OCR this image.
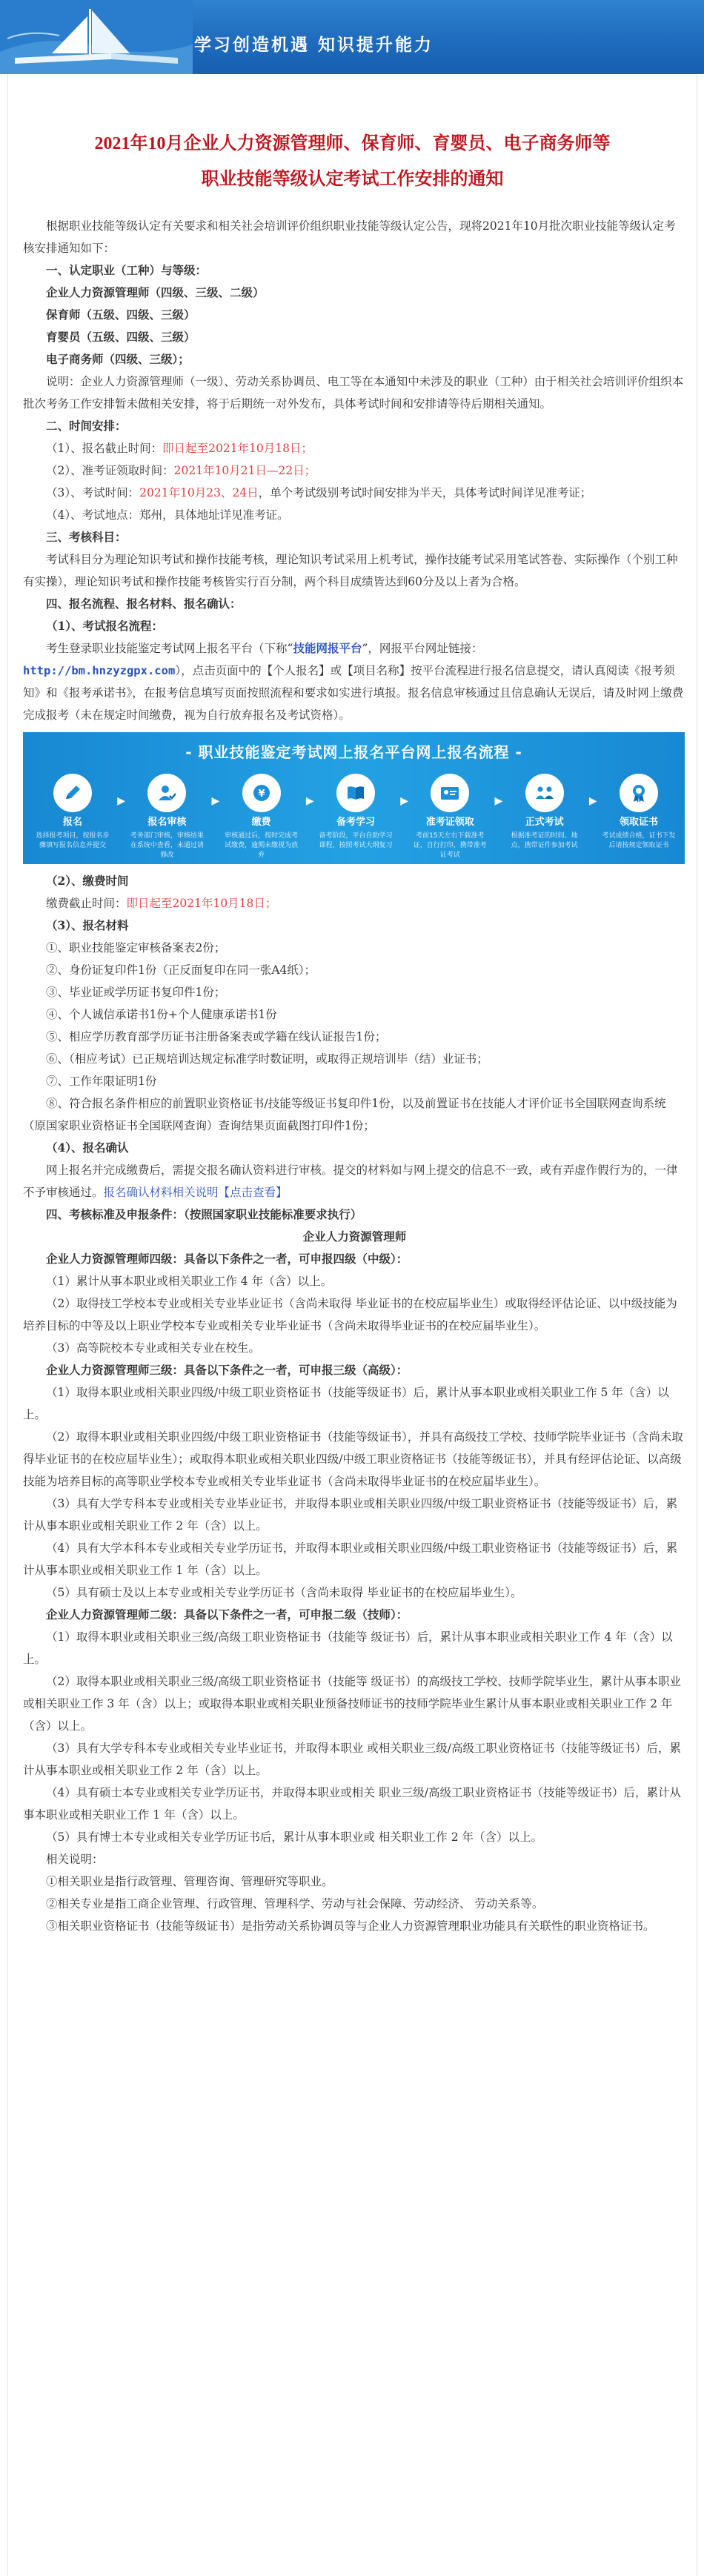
学习创造机遇 知识提升能力
2021年10月企业人力资源管理师、保育师、育婴员、电子商务师等
职业技能等级认定考试工作安排的通知

根据职业技能等级认定有关要求和相关社会培训评价组织职业技能等级认定公告，现将2021年10月批次职业技能等级认定考核安排通知如下：

一、认定职业（工种）与等级：

企业人力资源管理师（四级、三级、二级）

保育师（五级、四级、三级）

育婴员（五级、四级、三级）

电子商务师（四级、三级）；

说明：企业人力资源管理师（一级）、劳动关系协调员、电工等在本通知中未涉及的职业（工种）由于相关社会培训评价组织本批次考务工作安排暂未做相关安排，将于后期统一对外发布，具体考试时间和安排请等待后期相关通知。

二、时间安排：

（1）、报名截止时间：即日起至2021年10月18日；

（2）、准考证领取时间：2021年10月21日—22日；

（3）、考试时间：2021年10月23、24日，单个考试级别考试时间安排为半天，具体考试时间详见准考证；

（4）、考试地点：郑州，具体地址详见准考证。

三、考核科目：

考试科目分为理论知识考试和操作技能考核，理论知识考试采用上机考试，操作技能考试采用笔试答卷、实际操作（个别工种有实操），理论知识考试和操作技能考核皆实行百分制，两个科目成绩皆达到60分及以上者为合格。

四、报名流程、报名材料、报名确认：

（1）、考试报名流程：

考生登录职业技能鉴定考试网上报名平台（下称“技能网报平台”，网报平台网址链接：

http://bm.hnzyzgpx.com），点击页面中的【个人报名】或【项目名称】按平台流程进行报名信息提交，请认真阅读《报考须知》和《报考承诺书》，在报考信息填写页面按照流程和要求如实进行填报。报名信息审核通过且信息确认无误后，请及时网上缴费完成报考（未在规定时间缴费，视为自行放弃报名及考试资格）。

- 职业技能鉴定考试网上报名平台网上报名流程 -
报名
选择报考项目，按报名步骤填写报名信息并提交
▶
报名审核
考务部门审核，审核结果在系统中查看，未通过请修改
▶
¥
缴费
审核通过后，按时完成考试缴费，逾期未缴视为放弃
▶
备考学习
备考阶段，平台自助学习课程，按照考试大纲复习
▶
准考证领取
考前15天左右下载准考证，自行打印，携带准考证考试
▶
正式考试
根据准考证的时间、地点，携带证件参加考试
▶
领取证书
考试成绩合格，证书下发后请按规定领取证书

（2）、缴费时间

缴费截止时间：即日起至2021年10月18日；

（3）、报名材料

①、职业技能鉴定审核备案表2份；

②、身份证复印件1份（正反面复印在同一张A4纸）；

③、毕业证或学历证书复印件1份；

④、个人诚信承诺书1份+个人健康承诺书1份

⑤、相应学历教育部学历证书注册备案表或学籍在线认证报告1份；

⑥、（相应考试）已正规培训达规定标准学时数证明，或取得正规培训毕（结）业证书；

⑦、工作年限证明1份

⑧、符合报名条件相应的前置职业资格证书/技能等级证书复印件1份，以及前置证书在技能人才评价证书全国联网查询系统（原国家职业资格证书全国联网查询）查询结果页面截图打印件1份；

（4）、报名确认

网上报名并完成缴费后，需提交报名确认资料进行审核。提交的材料如与网上提交的信息不一致，或有弄虚作假行为的，一律不予审核通过。报名确认材料相关说明【点击查看】

四、考核标准及申报条件：（按照国家职业技能标准要求执行）

企业人力资源管理师

企业人力资源管理师四级：具备以下条件之一者，可申报四级（中级）：

（1）累计从事本职业或相关职业工作 4 年（含）以上。

（2）取得技工学校本专业或相关专业毕业证书（含尚未取得 毕业证书的在校应届毕业生）或取得经评估论证、以中级技能为培养目标的中等及以上职业学校本专业或相关专业毕业证书（含尚未取得毕业证书的在校应届毕业生）。

（3）高等院校本专业或相关专业在校生。

企业人力资源管理师三级：具备以下条件之一者，可申报三级（高级）：

（1）取得本职业或相关职业四级/中级工职业资格证书（技能等级证书）后，累计从事本职业或相关职业工作 5 年（含）以上。

（2）取得本职业或相关职业四级/中级工职业资格证书（技能等级证书），并具有高级技工学校、技师学院毕业证书（含尚未取得毕业证书的在校应届毕业生）；或取得本职业或相关职业四级/中级工职业资格证书（技能等级证书），并具有经评估论证、以高级技能为培养目标的高等职业学校本专业或相关专业毕业证书（含尚未取得毕业证书的在校应届毕业生）。

（3）具有大学专科本专业或相关专业毕业证书，并取得本职业或相关职业四级/中级工职业资格证书（技能等级证书）后，累计从事本职业或相关职业工作 2 年（含）以上。

（4）具有大学本科本专业或相关专业学历证书，并取得本职业或相关职业四级/中级工职业资格证书（技能等级证书）后，累计从事本职业或相关职业工作 1 年（含）以上。

（5）具有硕士及以上本专业或相关专业学历证书（含尚未取得 毕业证书的在校应届毕业生）。

企业人力资源管理师二级：具备以下条件之一者，可申报二级（技师）：

（1）取得本职业或相关职业三级/高级工职业资格证书（技能等 级证书）后，累计从事本职业或相关职业工作 4 年（含）以上。

（2）取得本职业或相关职业三级/高级工职业资格证书（技能等 级证书）的高级技工学校、技师学院毕业生，累计从事本职业或相关职业工作 3 年（含）以上；或取得本职业或相关职业预备技师证书的技师学院毕业生累计从事本职业或相关职业工作 2 年（含）以上。

（3）具有大学专科本专业或相关专业毕业证书，并取得本职业 或相关职业三级/高级工职业资格证书（技能等级证书）后，累计从事本职业或相关职业工作 2 年（含）以上。

（4）具有硕士本专业或相关专业学历证书，并取得本职业或相关 职业三级/高级工职业资格证书（技能等级证书）后，累计从事本职业或相关职业工作 1 年（含）以上。

（5）具有博士本专业或相关专业学历证书后，累计从事本职业或 相关职业工作 2 年（含）以上。

相关说明：

①相关职业是指行政管理、管理咨询、管理研究等职业。

②相关专业是指工商企业管理、行政管理、管理科学、劳动与社会保障、劳动经济、 劳动关系等。

③相关职业资格证书（技能等级证书）是指劳动关系协调员等与企业人力资源管理职业功能具有关联性的职业资格证书。
